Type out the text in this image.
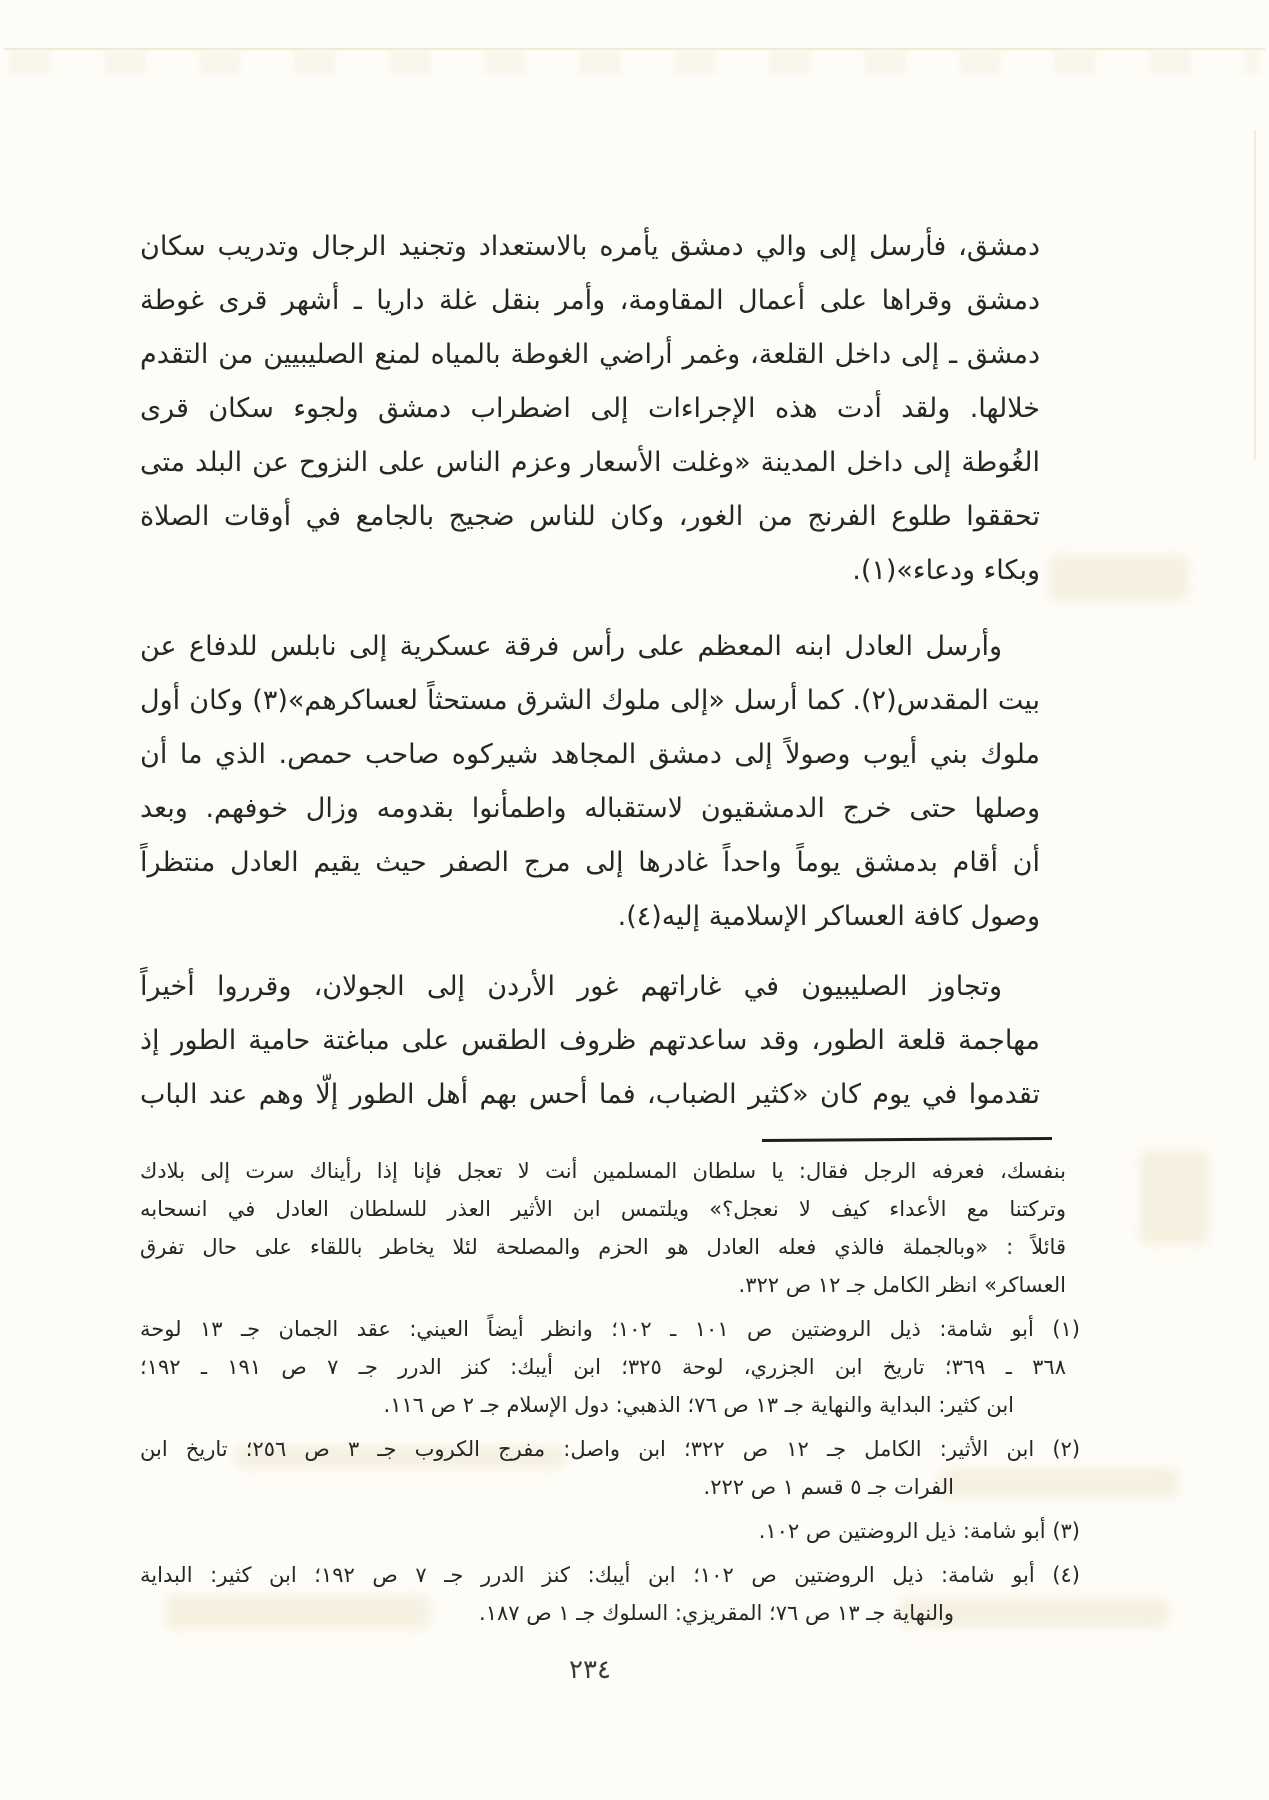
دمشق، فأرسل إلى والي دمشق يأمره بالاستعداد وتجنيد الرجال وتدريب سكان
دمشق وقراها على أعمال المقاومة، وأمر بنقل غلة داريا ـ أشهر قرى غوطة
دمشق ـ إلى داخل القلعة، وغمر أراضي الغوطة بالمياه لمنع الصليبيين من التقدم
خلالها. ولقد أدت هذه الإجراءات إلى اضطراب دمشق ولجوء سكان قرى
الغُوطة إلى داخل المدينة «وغلت الأسعار وعزم الناس على النزوح عن البلد متى
تحققوا طلوع الفرنج من الغور، وكان للناس ضجيج بالجامع في أوقات الصلاة
وبكاء ودعاء»(١).
وأرسل العادل ابنه المعظم على رأس فرقة عسكرية إلى نابلس للدفاع عن
بيت المقدس(٢). كما أرسل «إلى ملوك الشرق مستحثاً لعساكرهم»(٣) وكان أول
ملوك بني أيوب وصولاً إلى دمشق المجاهد شيركوه صاحب حمص. الذي ما أن
وصلها حتى خرج الدمشقيون لاستقباله واطمأنوا بقدومه وزال خوفهم. وبعد
أن أقام بدمشق يوماً واحداً غادرها إلى مرج الصفر حيث يقيم العادل منتظراً
وصول كافة العساكر الإسلامية إليه(٤).
وتجاوز الصليبيون في غاراتهم غور الأردن إلى الجولان، وقرروا أخيراً
مهاجمة قلعة الطور، وقد ساعدتهم ظروف الطقس على مباغتة حامية الطور إذ
تقدموا في يوم كان «كثير الضباب، فما أحس بهم أهل الطور إلّا وهم عند الباب
بنفسك، فعرفه الرجل فقال: يا سلطان المسلمين أنت لا تعجل فإنا إذا رأيناك سرت إلى بلادك
وتركتنا مع الأعداء كيف لا نعجل؟» ويلتمس ابن الأثير العذر للسلطان العادل في انسحابه
قائلاً : «وبالجملة فالذي فعله العادل هو الحزم والمصلحة لئلا يخاطر باللقاء على حال تفرق
العساكر» انظر الكامل جـ ١٢ ص ٣٢٢.
(١) أبو شامة: ذيل الروضتين ص ١٠١ ـ ١٠٢؛ وانظر أيضاً العيني: عقد الجمان جـ ١٣ لوحة
٣٦٨ ـ ٣٦٩؛ تاريخ ابن الجزري، لوحة ٣٢٥؛ ابن أيبك: كنز الدرر جـ ٧ ص ١٩١ ـ ١٩٢؛
ابن كثير: البداية والنهاية جـ ١٣ ص ٧٦؛ الذهبي: دول الإسلام جـ ٢ ص ١١٦.
(٢) ابن الأثير: الكامل جـ ١٢ ص ٣٢٢؛ ابن واصل: مفرج الكروب جـ ٣ ص ٢٥٦؛ تاريخ ابن
الفرات جـ ٥ قسم ١ ص ٢٢٢.
(٣) أبو شامة: ذيل الروضتين ص ١٠٢.
(٤) أبو شامة: ذيل الروضتين ص ١٠٢؛ ابن أيبك: كنز الدرر جـ ٧ ص ١٩٢؛ ابن كثير: البداية
والنهاية جـ ١٣ ص ٧٦؛ المقريزي: السلوك جـ ١ ص ١٨٧.
٢٣٤
